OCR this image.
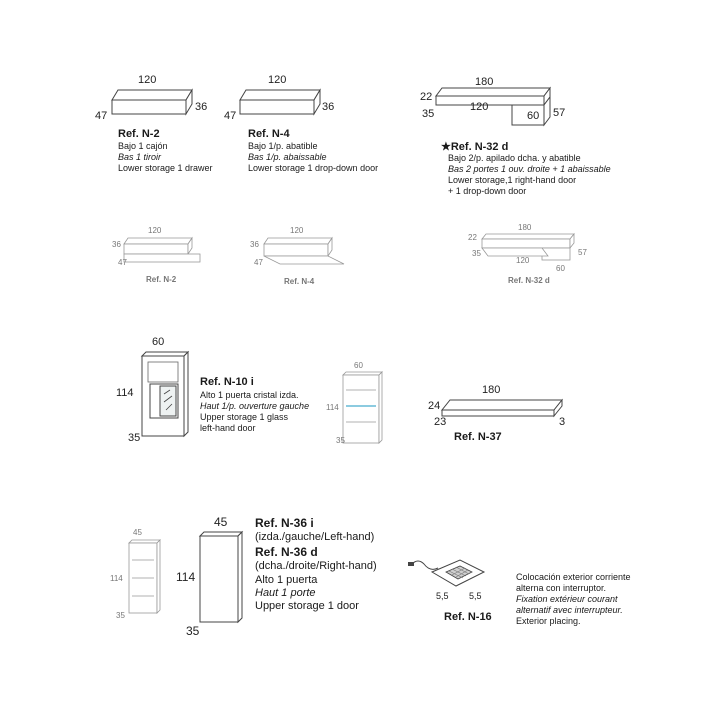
120
36
47
Ref. N-2
Bajo 1 cajón
Bas 1 tiroir
Lower storage 1 drawer
120
36
47
Ref. N-4
Bajo 1/p. abatible
Bas 1/p. abaissable
Lower storage 1 drop-down door
180
22
35
120
60 57
★Ref. N-32 d
Bajo 2/p. apilado dcha. y abatible
Bas 2 portes 1 ouv. droite + 1 abaissable
Lower storage,1 right-hand door
+ 1 drop-down door
120
36
47
Ref. N-2
120
36
47
Ref. N-4
180
22
35
120
60
57
Ref. N-32 d
60
114
35
Ref. N-10 i
Alto 1 puerta cristal izda.
Haut 1/p. ouverture gauche
Upper storage 1 glass
left-hand door
60
114
35
180
24
23	3
Ref. N-37
45
114
35
45
114
35
Ref. N-36 i
(izda./gauche/Left-hand)
Ref. N-36 d
(dcha./droite/Right-hand)
Alto 1 puerta
Haut 1 porte
Upper storage 1 door
5,5 5,5
Ref. N-16
Colocación exterior corriente
alterna con interruptor.
Fixation extérieur courant
alternatif avec interrupteur.
Exterior placing.
